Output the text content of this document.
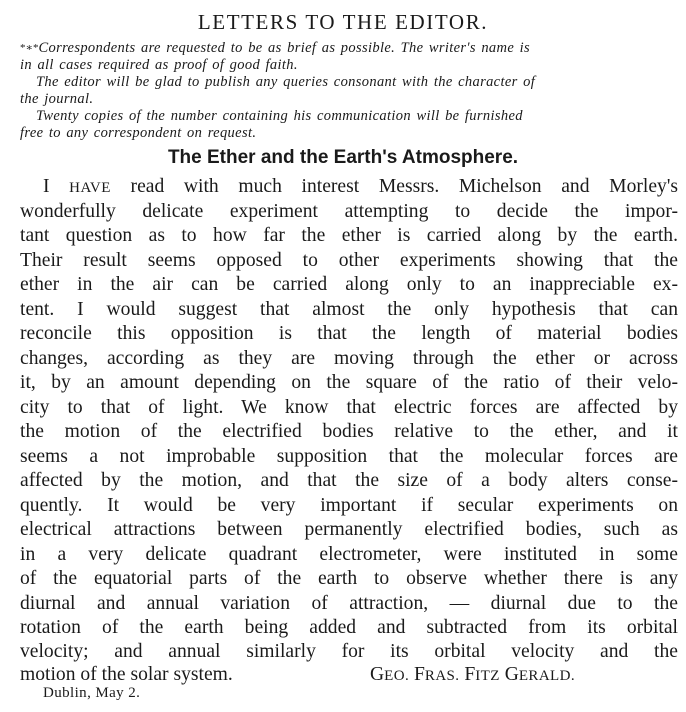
LETTERS TO THE EDITOR.
*∗*Correspondents are requested to be as brief as possible. The writer's name is
in all cases required as proof of good faith.
The editor will be glad to publish any queries consonant with the character of
the journal.
Twenty copies of the number containing his communication will be furnished
free to any correspondent on request.
The Ether and the Earth's Atmosphere.
I HAVE read with much interest Messrs. Michelson and Morley's
wonderfully delicate experiment attempting to decide the impor-
tant question as to how far the ether is carried along by the earth.
Their result seems opposed to other experiments showing that the
ether in the air can be carried along only to an inappreciable ex-
tent. I would suggest that almost the only hypothesis that can
reconcile this opposition is that the length of material bodies
changes, according as they are moving through the ether or across
it, by an amount depending on the square of the ratio of their velo-
city to that of light. We know that electric forces are affected by
the motion of the electrified bodies relative to the ether, and it
seems a not improbable supposition that the molecular forces are
affected by the motion, and that the size of a body alters conse-
quently. It would be very important if secular experiments on
electrical attractions between permanently electrified bodies, such as
in a very delicate quadrant electrometer, were instituted in some
of the equatorial parts of the earth to observe whether there is any
diurnal and annual variation of attraction, — diurnal due to the
rotation of the earth being added and subtracted from its orbital
velocity; and annual similarly for its orbital velocity and the
motion of the solar system.	GEO. FRAS. FITZ GERALD.
Dublin, May 2.
